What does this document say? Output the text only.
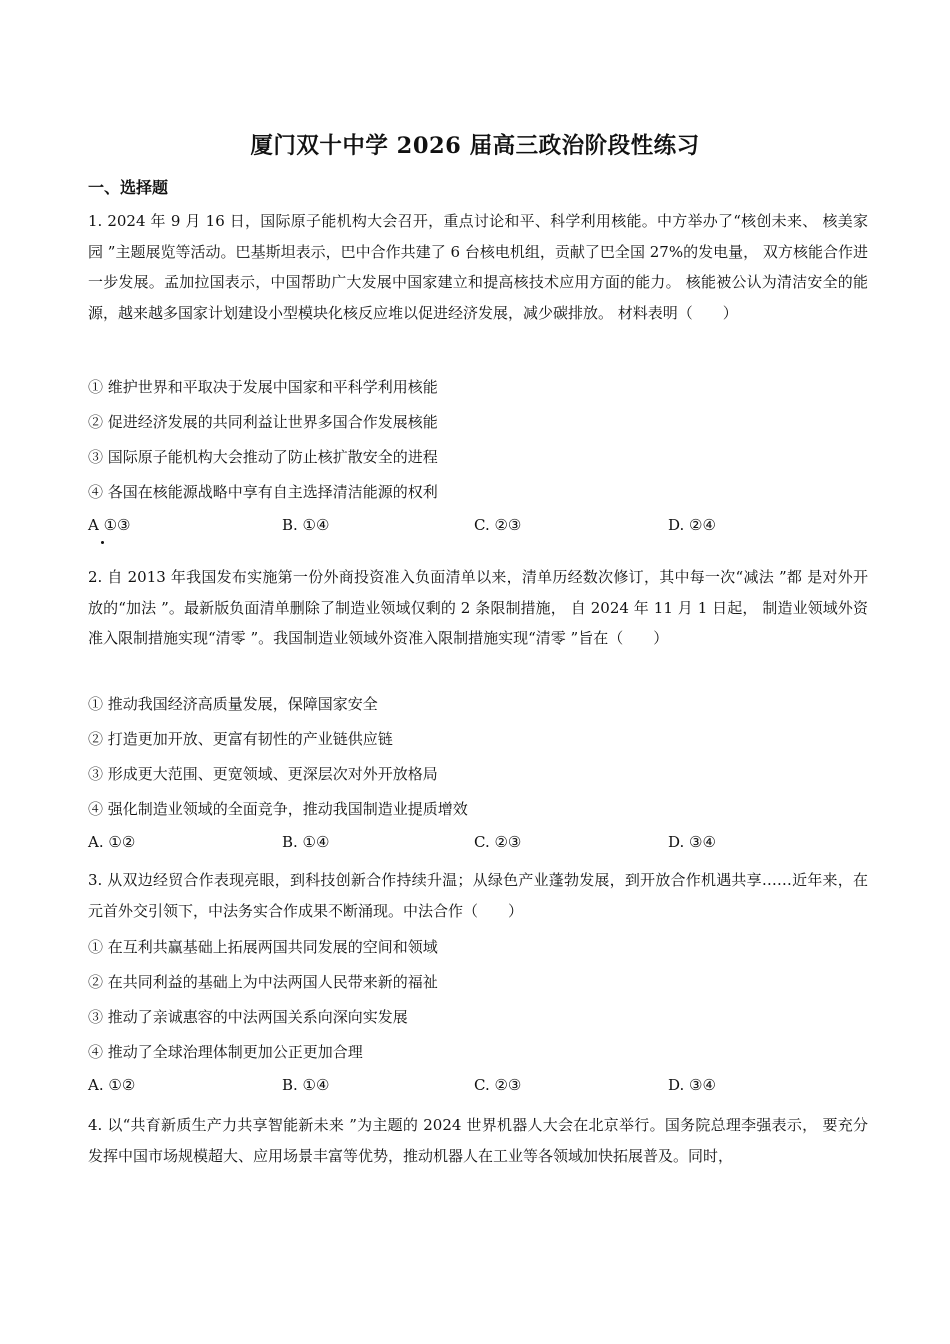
厦门双十中学 2026 届高三政治阶段性练习
一、选择题

1. 2024 年 9 月 16 日，国际原子能机构大会召开，重点讨论和平、科学利用核能。中方举办了“核创未来、 核美家园 ”主题展览等活动。巴基斯坦表示，巴中合作共建了 6 台核电机组，贡献了巴全国 27%的发电量， 双方核能合作进一步发展。孟加拉国表示，中国帮助广大发展中国家建立和提高核技术应用方面的能力。 核能被公认为清洁安全的能源，越来越多国家计划建设小型模块化核反应堆以促进经济发展，减少碳排放。 材料表明（　　）

① 维护世界和平取决于发展中国家和平科学利用核能
② 促进经济发展的共同利益让世界多国合作发展核能
③ 国际原子能机构大会推动了防止核扩散安全的进程
④ 各国在核能源战略中享有自主选择清洁能源的权利
A ①③	B. ①④	C. ②③	D. ②④

2. 自 2013 年我国发布实施第一份外商投资准入负面清单以来，清单历经数次修订，其中每一次“减法 ”都 是对外开放的“加法 ”。最新版负面清单删除了制造业领域仅剩的 2 条限制措施， 自 2024 年 11 月 1 日起， 制造业领域外资准入限制措施实现“清零 ”。我国制造业领域外资准入限制措施实现“清零 ”旨在（　　）

① 推动我国经济高质量发展，保障国家安全
② 打造更加开放、更富有韧性的产业链供应链
③ 形成更大范围、更宽领域、更深层次对外开放格局
④ 强化制造业领域的全面竞争，推动我国制造业提质增效
A. ①②	B. ①④	C. ②③	D. ③④

3. 从双边经贸合作表现亮眼，到科技创新合作持续升温；从绿色产业蓬勃发展，到开放合作机遇共享……近年来，在元首外交引领下，中法务实合作成果不断涌现。中法合作（　　）

① 在互利共赢基础上拓展两国共同发展的空间和领域
② 在共同利益的基础上为中法两国人民带来新的福祉
③ 推动了亲诚惠容的中法两国关系向深向实发展
④ 推动了全球治理体制更加公正更加合理
A. ①②	B. ①④	C. ②③	D. ③④

4. 以“共育新质生产力共享智能新未来 ”为主题的 2024 世界机器人大会在北京举行。国务院总理李强表示， 要充分发挥中国市场规模超大、应用场景丰富等优势，推动机器人在工业等各领域加快拓展普及。同时，
